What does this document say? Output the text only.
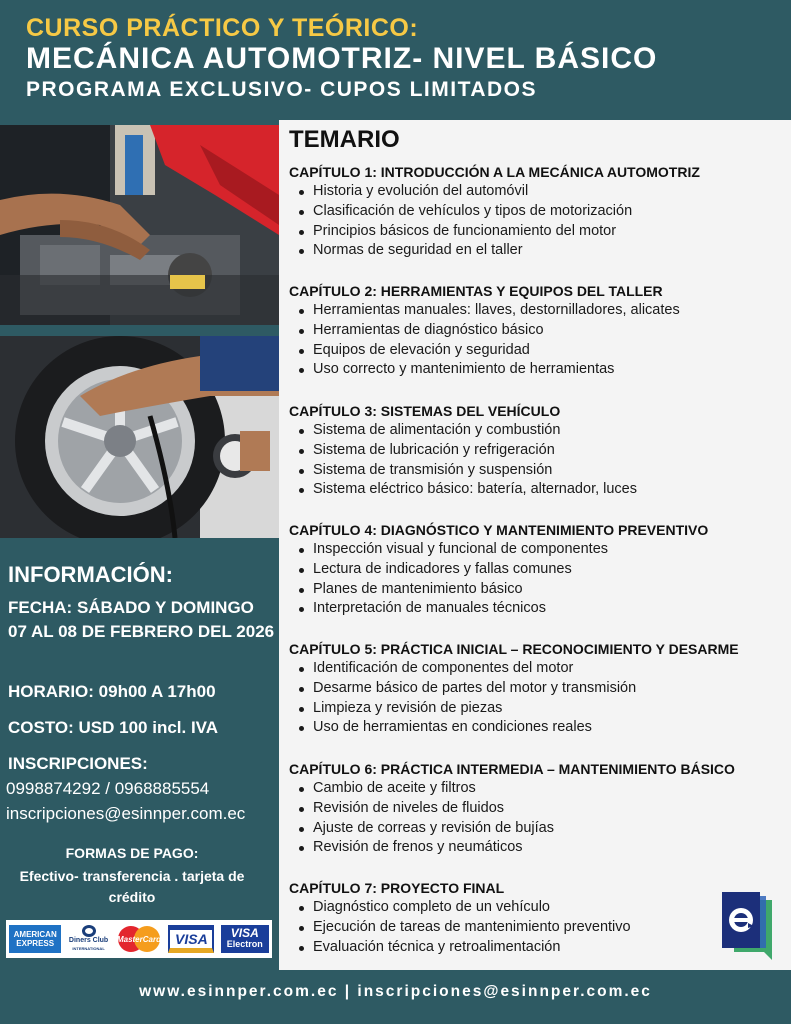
CURSO PRÁCTICO Y TEÓRICO:
MECÁNICA AUTOMOTRIZ- NIVEL BÁSICO
PROGRAMA EXCLUSIVO- CUPOS LIMITADOS
INFORMACIÓN:
FECHA: SÁBADO Y DOMINGO 07 AL 08 DE FEBRERO DEL 2026
HORARIO: 09h00 A 17h00
COSTO: USD 100 incl. IVA
INSCRIPCIONES:
0998874292 / 0968885554
inscripciones@esinnper.com.ec
FORMAS DE PAGO:
Efectivo- transferencia . tarjeta de crédito
AMERICAN
EXPRESS Diners Club
INTERNATIONAL
MasterCard VISA VISA
Electron
TEMARIO
CAPÍTULO 1: INTRODUCCIÓN A LA MECÁNICA AUTOMOTRIZ
Historia y evolución del automóvil
Clasificación de vehículos y tipos de motorización
Principios básicos de funcionamiento del motor
Normas de seguridad en el taller
CAPÍTULO 2: HERRAMIENTAS Y EQUIPOS DEL TALLER
Herramientas manuales: llaves, destornilladores, alicates
Herramientas de diagnóstico básico
Equipos de elevación y seguridad
Uso correcto y mantenimiento de herramientas
CAPÍTULO 3: SISTEMAS DEL VEHÍCULO
Sistema de alimentación y combustión
Sistema de lubricación y refrigeración
Sistema de transmisión y suspensión
Sistema eléctrico básico: batería, alternador, luces
CAPÍTULO 4: DIAGNÓSTICO Y MANTENIMIENTO PREVENTIVO
Inspección visual y funcional de componentes
Lectura de indicadores y fallas comunes
Planes de mantenimiento básico
Interpretación de manuales técnicos
CAPÍTULO 5: PRÁCTICA INICIAL – RECONOCIMIENTO Y DESARME
Identificación de componentes del motor
Desarme básico de partes del motor y transmisión
Limpieza y revisión de piezas
Uso de herramientas en condiciones reales
CAPÍTULO 6: PRÁCTICA INTERMEDIA – MANTENIMIENTO BÁSICO
Cambio de aceite y filtros
Revisión de niveles de fluidos
Ajuste de correas y revisión de bujías
Revisión de frenos y neumáticos
CAPÍTULO 7: PROYECTO FINAL
Diagnóstico completo de un vehículo
Ejecución de tareas de mantenimiento preventivo
Evaluación técnica y retroalimentación
www.esinnper.com.ec | inscripciones@esinnper.com.ec
